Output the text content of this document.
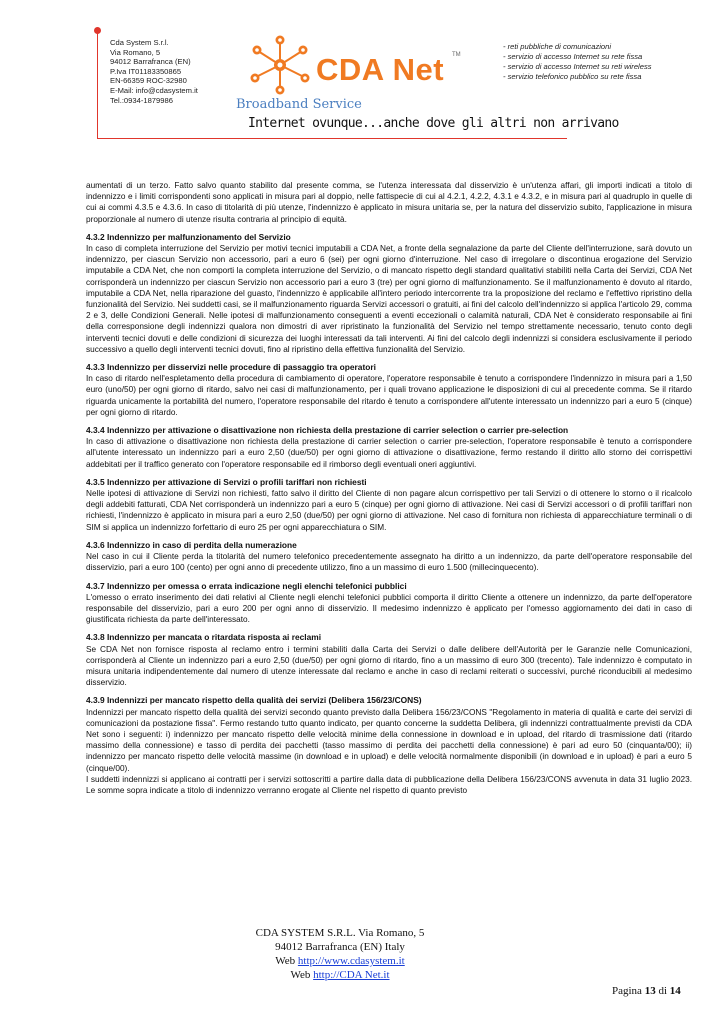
Cda System S.r.l.
Via Romano, 5
94012 Barrafranca (EN)
P.Iva IT01183350865
EN-66359 ROC-32980
E-Mail: info@cdasystem.it
Tel.:0934-1879986
CDA Net TM
Broadband Service
Internet ovunque...anche dove gli altri non arrivano
- reti pubbliche di comunicazioni
- servizio di accesso Internet su rete fissa
- servizio di accesso Internet su reti wireless
- servizio telefonico pubblico su rete fissa

aumentati di un terzo. Fatto salvo quanto stabilito dal presente comma, se l'utenza interessata dal disservizio è un'utenza affari, gli importi indicati a titolo di indennizzo e i limiti corrispondenti sono applicati in misura pari al doppio, nelle fattispecie di cui al 4.2.1, 4.2.2, 4.3.1 e 4.3.2, e in misura pari al quadruplo in quelle di cui ai commi 4.3.5 e 4.3.6. In caso di titolarità di più utenze, l'indennizzo è applicato in misura unitaria se, per la natura del disservizio subito, l'applicazione in misura proporzionale al numero di utenze risulta contraria al principio di equità.

4.3.2 Indennizzo per malfunzionamento del Servizio

In caso di completa interruzione del Servizio per motivi tecnici imputabili a CDA Net, a fronte della segnalazione da parte del Cliente dell'interruzione, sarà dovuto un indennizzo, per ciascun Servizio non accessorio, pari a euro 6 (sei) per ogni giorno d'interruzione. Nel caso di irregolare o discontinua erogazione del Servizio imputabile a CDA Net, che non comporti la completa interruzione del Servizio, o di mancato rispetto degli standard qualitativi stabiliti nella Carta dei Servizi, CDA Net corrisponderà un indennizzo per ciascun Servizio non accessorio pari a euro 3 (tre) per ogni giorno di malfunzionamento. Se il malfunzionamento è dovuto al ritardo, imputabile a CDA Net, nella riparazione del guasto, l'indennizzo è applicabile all'intero periodo intercorrente tra la proposizione del reclamo e l'effettivo ripristino della funzionalità del Servizio. Nei suddetti casi, se il malfunzionamento riguarda Servizi accessori o gratuiti, ai fini del calcolo dell'indennizzo si applica l'articolo 29, comma 2 e 3, delle Condizioni Generali. Nelle ipotesi di malfunzionamento conseguenti a eventi eccezionali o calamità naturali, CDA Net è considerato responsabile ai fini della corresponsione degli indennizzi qualora non dimostri di aver ripristinato la funzionalità del Servizio nel tempo strettamente necessario, tenuto conto degli interventi tecnici dovuti e delle condizioni di sicurezza dei luoghi interessati da tali interventi. Ai fini del calcolo degli indennizzi si considera esclusivamente il periodo successivo a quello degli interventi tecnici dovuti, fino al ripristino della effettiva funzionalità del Servizio.

4.3.3 Indennizzo per disservizi nelle procedure di passaggio tra operatori

In caso di ritardo nell'espletamento della procedura di cambiamento di operatore, l'operatore responsabile è tenuto a corrispondere l'indennizzo in misura pari a 1,50 euro (uno/50) per ogni giorno di ritardo, salvo nei casi di malfunzionamento, per i quali trovano applicazione le disposizioni di cui al precedente comma. Se il ritardo riguarda unicamente la portabilità del numero, l'operatore responsabile del ritardo è tenuto a corrispondere all'utente interessato un indennizzo pari a euro 5 (cinque) per ogni giorno di ritardo.

4.3.4 Indennizzo per attivazione o disattivazione non richiesta della prestazione di carrier selection o carrier pre-selection

In caso di attivazione o disattivazione non richiesta della prestazione di carrier selection o carrier pre-selection, l'operatore responsabile è tenuto a corrispondere all'utente interessato un indennizzo pari a euro 2,50 (due/50) per ogni giorno di attivazione o disattivazione, fermo restando il diritto allo storno dei corrispettivi addebitati per il traffico generato con l'operatore responsabile ed il rimborso degli eventuali oneri aggiuntivi.

4.3.5 Indennizzo per attivazione di Servizi o profili tariffari non richiesti

Nelle ipotesi di attivazione di Servizi non richiesti, fatto salvo il diritto del Cliente di non pagare alcun corrispettivo per tali Servizi o di ottenere lo storno o il ricalcolo degli addebiti fatturati, CDA Net corrisponderà un indennizzo pari a euro 5 (cinque) per ogni giorno di attivazione. Nei casi di Servizi accessori o di profili tariffari non richiesti, l'indennizzo è applicato in misura pari a euro 2,50 (due/50) per ogni giorno di attivazione. Nel caso di fornitura non richiesta di apparecchiature terminali o di SIM si applica un indennizzo forfettario di euro 25 per ogni apparecchiatura o SIM.

4.3.6 Indennizzo in caso di perdita della numerazione

Nel caso in cui il Cliente perda la titolarità del numero telefonico precedentemente assegnato ha diritto a un indennizzo, da parte dell'operatore responsabile del disservizio, pari a euro 100 (cento) per ogni anno di precedente utilizzo, fino a un massimo di euro 1.500 (millecinquecento).

4.3.7 Indennizzo per omessa o errata indicazione negli elenchi telefonici pubblici

L'omesso o errato inserimento dei dati relativi al Cliente negli elenchi telefonici pubblici comporta il diritto Cliente a ottenere un indennizzo, da parte dell'operatore responsabile del disservizio, pari a euro 200 per ogni anno di disservizio. Il medesimo indennizzo è applicato per l'omesso aggiornamento dei dati in caso di giustificata richiesta da parte dell'interessato.

4.3.8 Indennizzo per mancata o ritardata risposta ai reclami

Se CDA Net non fornisce risposta al reclamo entro i termini stabiliti dalla Carta dei Servizi o dalle delibere dell'Autorità per le Garanzie nelle Comunicazioni, corrisponderà al Cliente un indennizzo pari a euro 2,50 (due/50) per ogni giorno di ritardo, fino a un massimo di euro 300 (trecento). Tale indennizzo è computato in misura unitaria indipendentemente dal numero di utenze interessate dal reclamo e anche in caso di reclami reiterati o successivi, purché riconducibili al medesimo disservizio.

4.3.9 Indennizzi per mancato rispetto della qualità dei servizi (Delibera 156/23/CONS)

Indennizzi per mancato rispetto della qualità dei servizi secondo quanto previsto dalla Delibera 156/23/CONS "Regolamento in materia di qualità e carte dei servizi di comunicazioni da postazione fissa". Fermo restando tutto quanto indicato, per quanto concerne la suddetta Delibera, gli indennizzi contrattualmente previsti da CDA Net sono i seguenti: i) indennizzo per mancato rispetto delle velocità minime della connessione in download e in upload, del ritardo di trasmissione dati (ritardo massimo della connessione) e tasso di perdita dei pacchetti (tasso massimo di perdita dei pacchetti della connessione) è pari ad euro 50 (cinquanta/00); ii) indennizzo per mancato rispetto delle velocità massime (in download e in upload) e delle velocità normalmente disponibili (in download e in upload) è pari a euro 5 (cinque/00).

I suddetti indennizzi si applicano ai contratti per i servizi sottoscritti a partire dalla data di pubblicazione della Delibera 156/23/CONS avvenuta in data 31 luglio 2023. Le somme sopra indicate a titolo di indennizzo verranno erogate al Cliente nel rispetto di quanto previsto

CDA SYSTEM S.R.L. Via Romano, 5
94012 Barrafranca (EN) Italy
Web http://www.cdasystem.it
Web http://CDA Net.it
Pagina 13 di 14
